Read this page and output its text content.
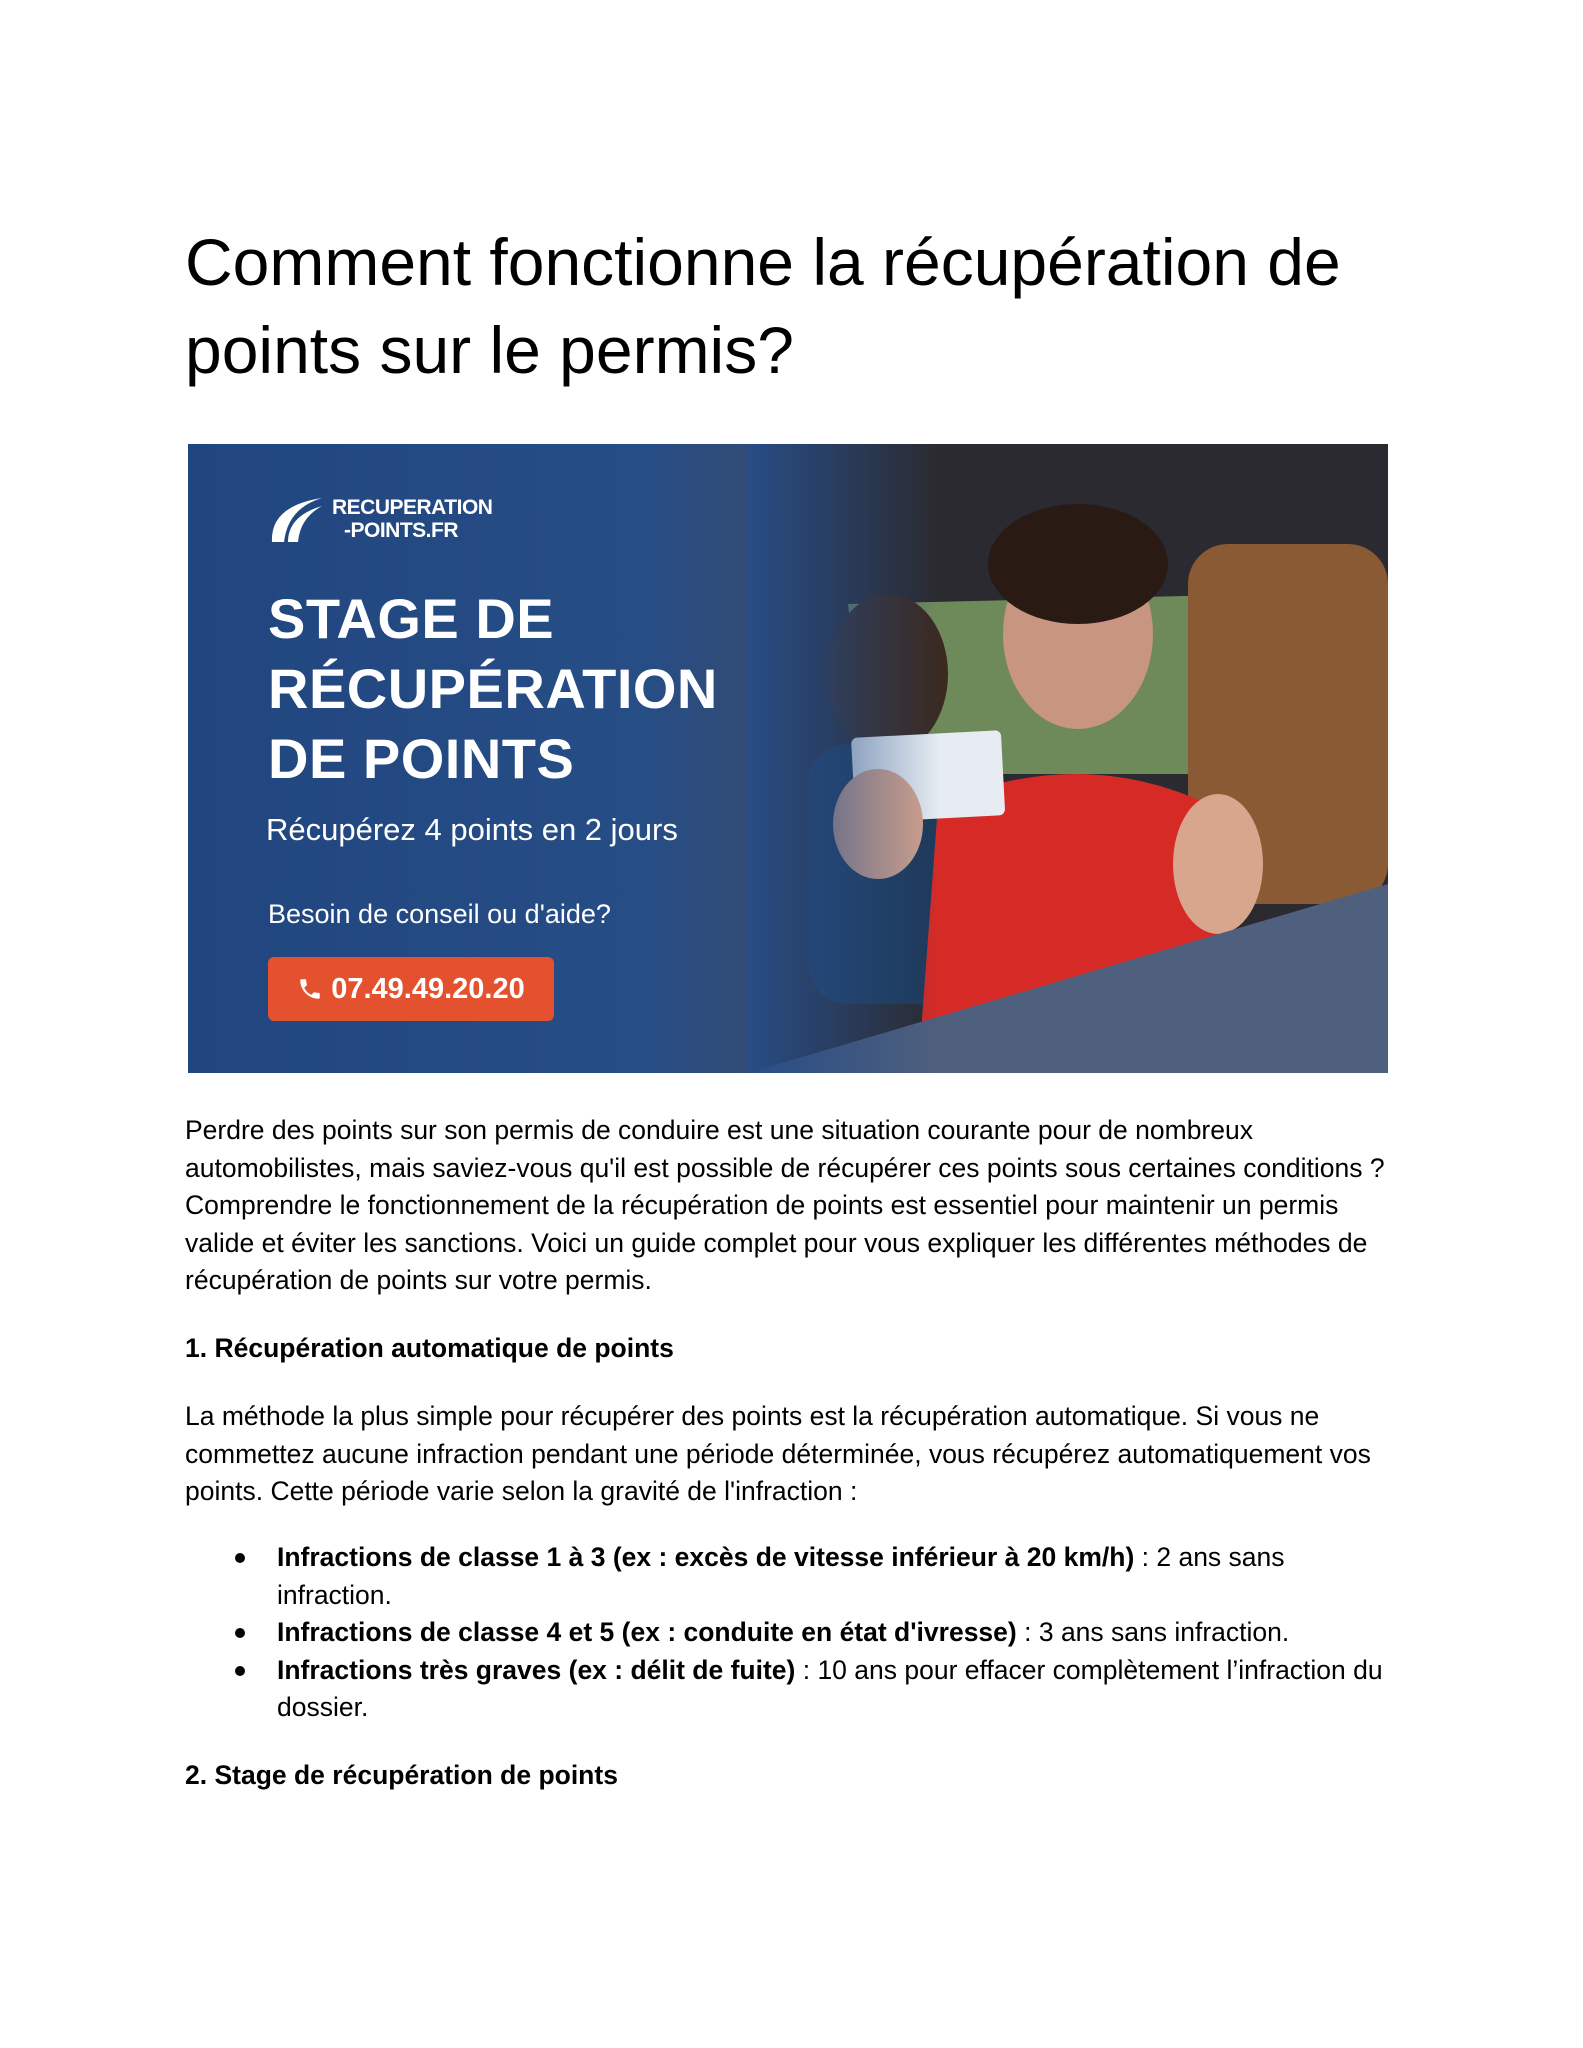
Comment fonctionne la récupération de points sur le permis?
RECUPERATION
-POINTS.FR
STAGE DE
RÉCUPÉRATION
DE POINTS
Récupérez 4 points en 2 jours
Besoin de conseil ou d'aide?
07.49.49.20.20

Perdre des points sur son permis de conduire est une situation courante pour de nombreux automobilistes, mais saviez-vous qu'il est possible de récupérer ces points sous certaines conditions ? Comprendre le fonctionnement de la récupération de points est essentiel pour maintenir un permis valide et éviter les sanctions. Voici un guide complet pour vous expliquer les différentes méthodes de récupération de points sur votre permis.

1. Récupération automatique de points

La méthode la plus simple pour récupérer des points est la récupération automatique. Si vous ne commettez aucune infraction pendant une période déterminée, vous récupérez automatiquement vos points. Cette période varie selon la gravité de l'infraction :

Infractions de classe 1 à 3 (ex : excès de vitesse inférieur à 20 km/h) : 2 ans sans infraction.
Infractions de classe 4 et 5 (ex : conduite en état d'ivresse) : 3 ans sans infraction.
Infractions très graves (ex : délit de fuite) : 10 ans pour effacer complètement l’infraction du dossier.

2. Stage de récupération de points
